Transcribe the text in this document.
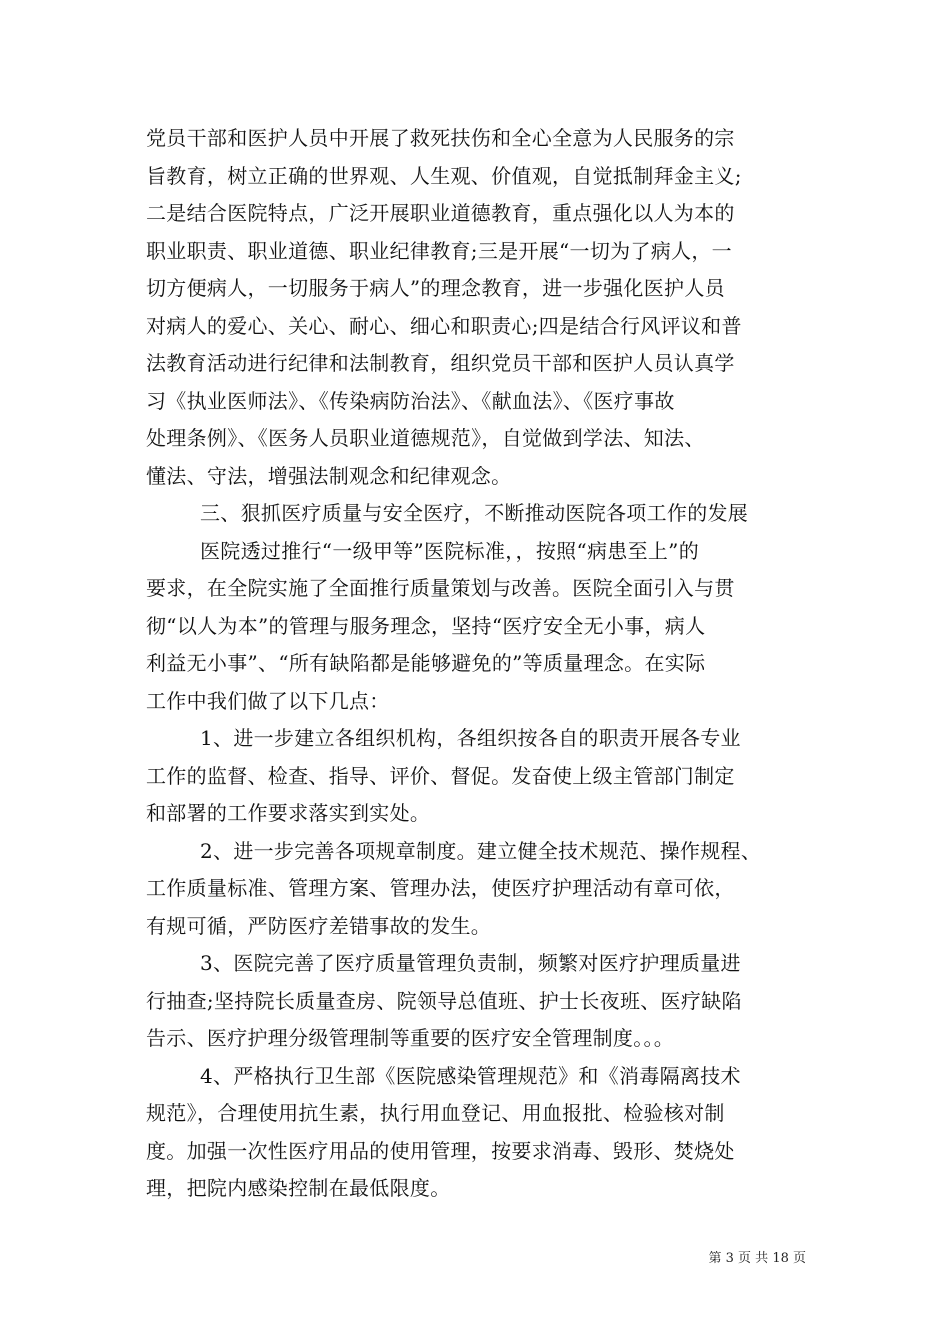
党员干部和医护人员中开展了救死扶伤和全心全意为人民服务的宗
旨教育，树立正确的世界观、人生观、价值观，自觉抵制拜金主义;
二是结合医院特点，广泛开展职业道德教育，重点强化以人为本的
职业职责、职业道德、职业纪律教育;三是开展“一切为了病人，一
切方便病人，一切服务于病人”的理念教育，进一步强化医护人员
对病人的爱心、关心、耐心、细心和职责心;四是结合行风评议和普
法教育活动进行纪律和法制教育，组织党员干部和医护人员认真学
习《执业医师法》、《传染病防治法》、《献血法》、《医疗事故
处理条例》、《医务人员职业道德规范》，自觉做到学法、知法、
懂法、守法，增强法制观念和纪律观念。
三、狠抓医疗质量与安全医疗，不断推动医院各项工作的发展
医院透过推行“一级甲等”医院标准，，按照“病患至上”的
要求，在全院实施了全面推行质量策划与改善。医院全面引入与贯
彻“以人为本”的管理与服务理念，坚持“医疗安全无小事，病人
利益无小事”、“所有缺陷都是能够避免的”等质量理念。在实际
工作中我们做了以下几点：
1、进一步建立各组织机构，各组织按各自的职责开展各专业
工作的监督、检查、指导、评价、督促。发奋使上级主管部门制定
和部署的工作要求落实到实处。
2、进一步完善各项规章制度。建立健全技术规范、操作规程、
工作质量标准、管理方案、管理办法，使医疗护理活动有章可依，
有规可循，严防医疗差错事故的发生。
3、医院完善了医疗质量管理负责制，频繁对医疗护理质量进
行抽查;坚持院长质量查房、院领导总值班、护士长夜班、医疗缺陷
告示、医疗护理分级管理制等重要的医疗安全管理制度。。。
4、严格执行卫生部《医院感染管理规范》和《消毒隔离技术
规范》，合理使用抗生素，执行用血登记、用血报批、检验核对制
度。加强一次性医疗用品的使用管理，按要求消毒、毁形、焚烧处
理，把院内感染控制在最低限度。
第 3 页 共 18 页
